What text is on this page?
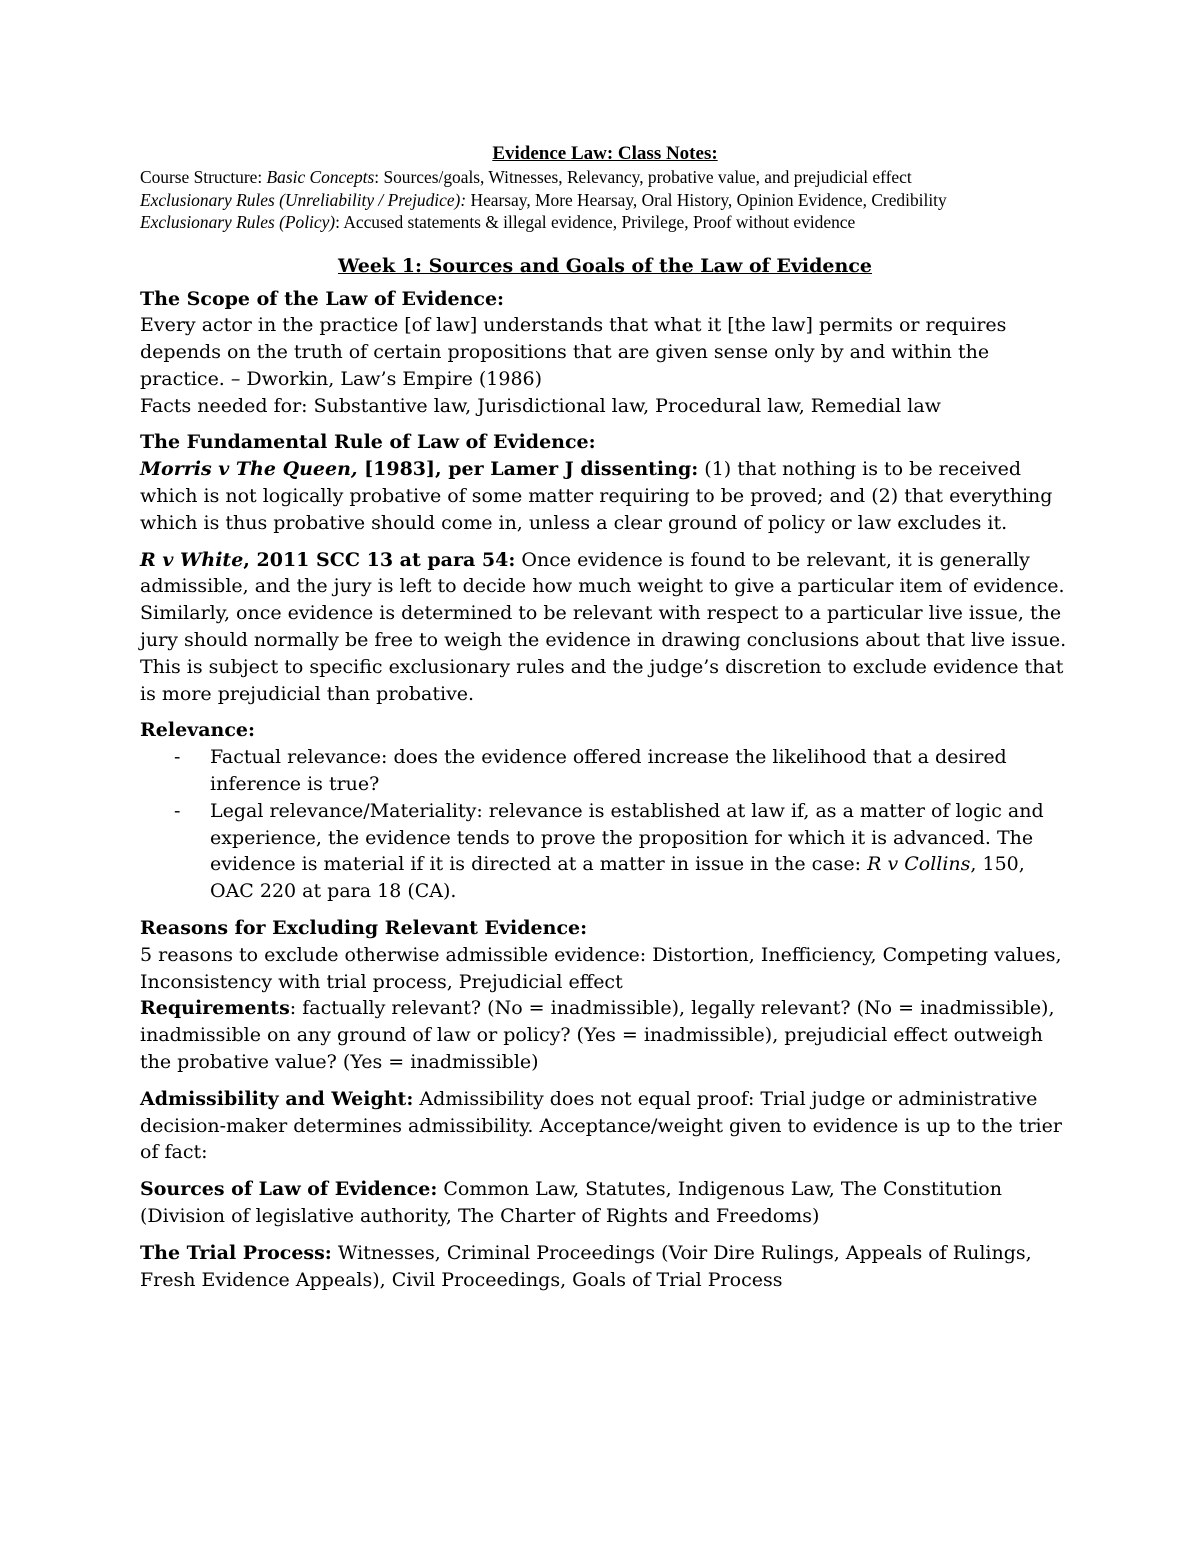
Evidence Law: Class Notes:

Course Structure: Basic Concepts: Sources/goals, Witnesses, Relevancy, probative value, and prejudicial effect

Exclusionary Rules (Unreliability / Prejudice): Hearsay, More Hearsay, Oral History, Opinion Evidence, Credibility

Exclusionary Rules (Policy): Accused statements & illegal evidence, Privilege, Proof without evidence

Week 1: Sources and Goals of the Law of Evidence

The Scope of the Law of Evidence:

Every actor in the practice [of law] understands that what it [the law] permits or requires depends on the truth of certain propositions that are given sense only by and within the practice. – Dworkin, Law’s Empire (1986)

Facts needed for: Substantive law, Jurisdictional law, Procedural law, Remedial law

The Fundamental Rule of Law of Evidence:

Morris v The Queen, [1983], per Lamer J dissenting: (1) that nothing is to be received which is not logically probative of some matter requiring to be proved; and (2) that everything which is thus probative should come in, unless a clear ground of policy or law excludes it.

R v White, 2011 SCC 13 at para 54: Once evidence is found to be relevant, it is generally admissible, and the jury is left to decide how much weight to give a particular item of evidence. Similarly, once evidence is determined to be relevant with respect to a particular live issue, the jury should normally be free to weigh the evidence in drawing conclusions about that live issue. This is subject to specific exclusionary rules and the judge’s discretion to exclude evidence that is more prejudicial than probative.

Relevance:

- Factual relevance: does the evidence offered increase the likelihood that a desired inference is true?
- Legal relevance/Materiality: relevance is established at law if, as a matter of logic and experience, the evidence tends to prove the proposition for which it is advanced. The evidence is material if it is directed at a matter in issue in the case: R v Collins, 150, OAC 220 at para 18 (CA).

Reasons for Excluding Relevant Evidence:

5 reasons to exclude otherwise admissible evidence: Distortion, Inefficiency, Competing values, Inconsistency with trial process, Prejudicial effect

Requirements: factually relevant? (No = inadmissible), legally relevant? (No = inadmissible), inadmissible on any ground of law or policy? (Yes = inadmissible), prejudicial effect outweigh the probative value? (Yes = inadmissible)

Admissibility and Weight: Admissibility does not equal proof: Trial judge or administrative decision-maker determines admissibility. Acceptance/weight given to evidence is up to the trier of fact:

Sources of Law of Evidence: Common Law, Statutes, Indigenous Law, The Constitution (Division of legislative authority, The Charter of Rights and Freedoms)

The Trial Process: Witnesses, Criminal Proceedings (Voir Dire Rulings, Appeals of Rulings, Fresh Evidence Appeals), Civil Proceedings, Goals of Trial Process
